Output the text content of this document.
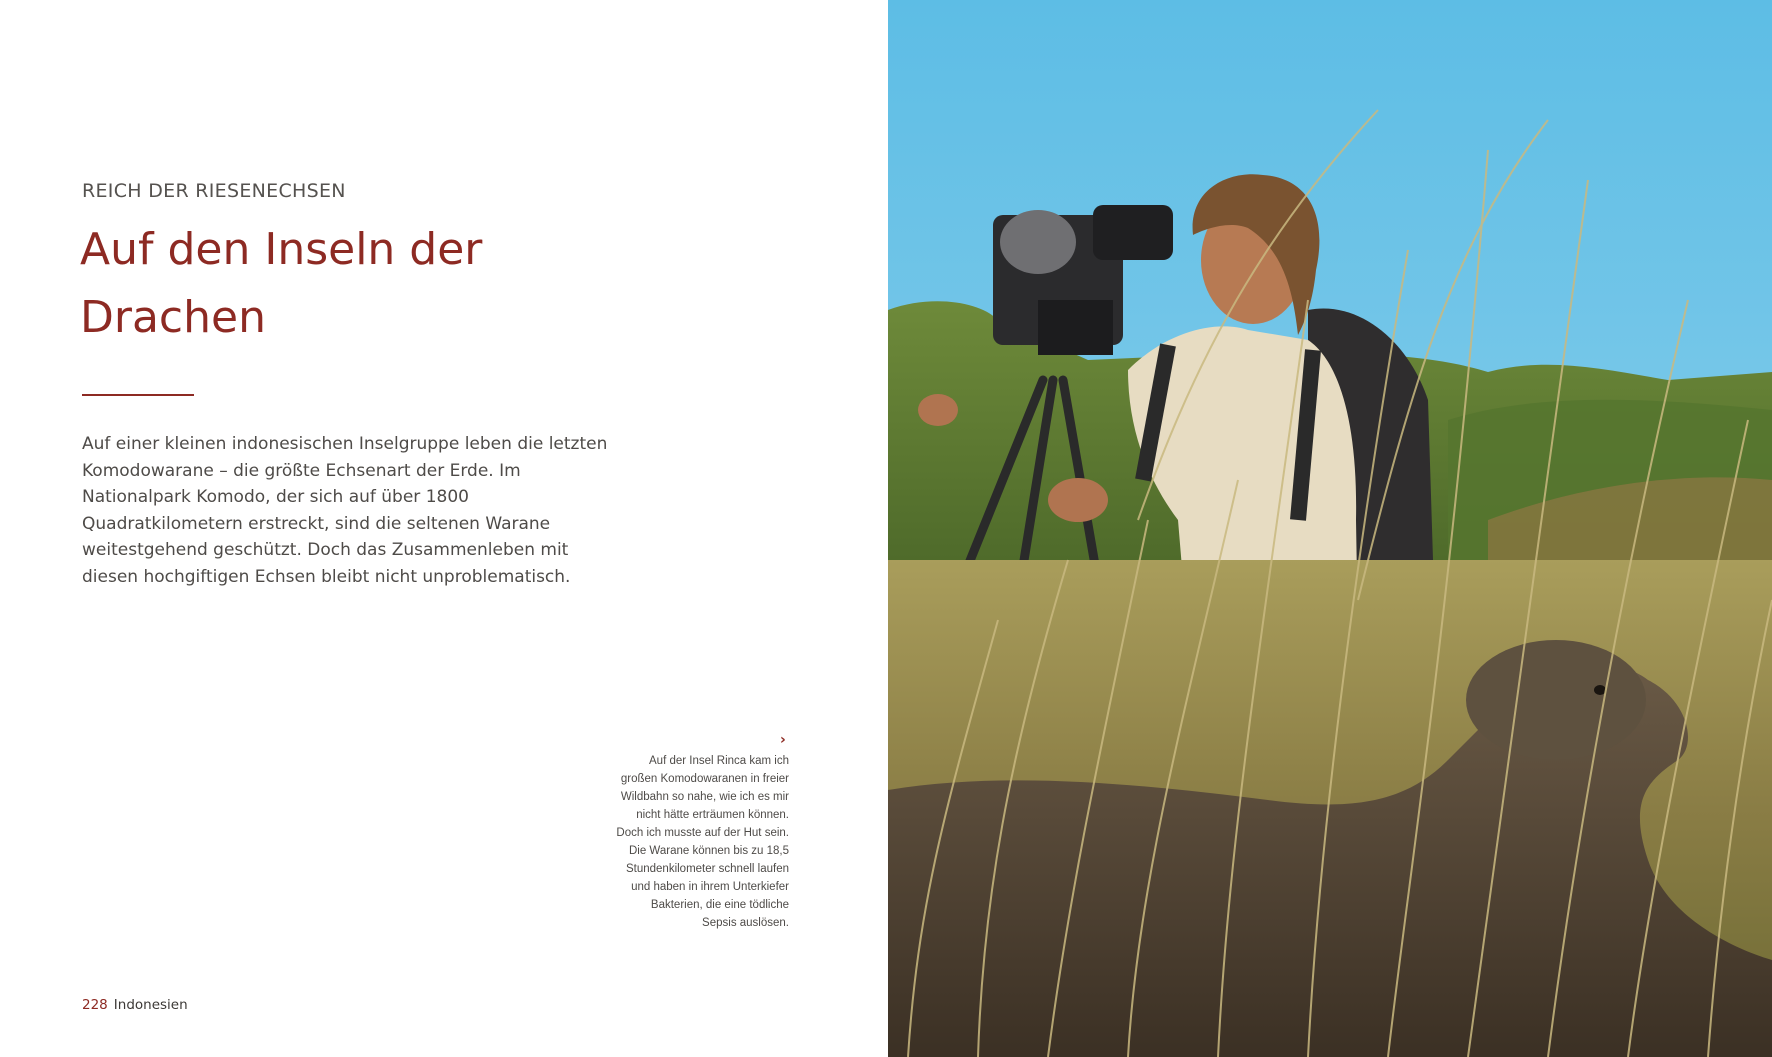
REICH DER RIESENECHSEN
Auf den Inseln der Drachen

Auf einer kleinen indonesischen Inselgruppe leben die letzten Komodowarane – die größte Echsenart der Erde. Im Nationalpark Komodo, der sich auf über 1800 Quadratkilometern erstreckt, sind die seltenen Warane weitestgehend geschützt. Doch das Zusammenleben mit diesen hochgiftigen Echsen bleibt nicht unproblematisch.

›

Auf der Insel Rinca kam ich großen Komodowaranen in freier Wildbahn so nahe, wie ich es mir nicht hätte erträumen können. Doch ich musste auf der Hut sein. Die Warane können bis zu 18,5 Stundenkilometer schnell laufen und haben in ihrem Unterkiefer Bakterien, die eine tödliche Sepsis auslösen.

228 Indonesien
